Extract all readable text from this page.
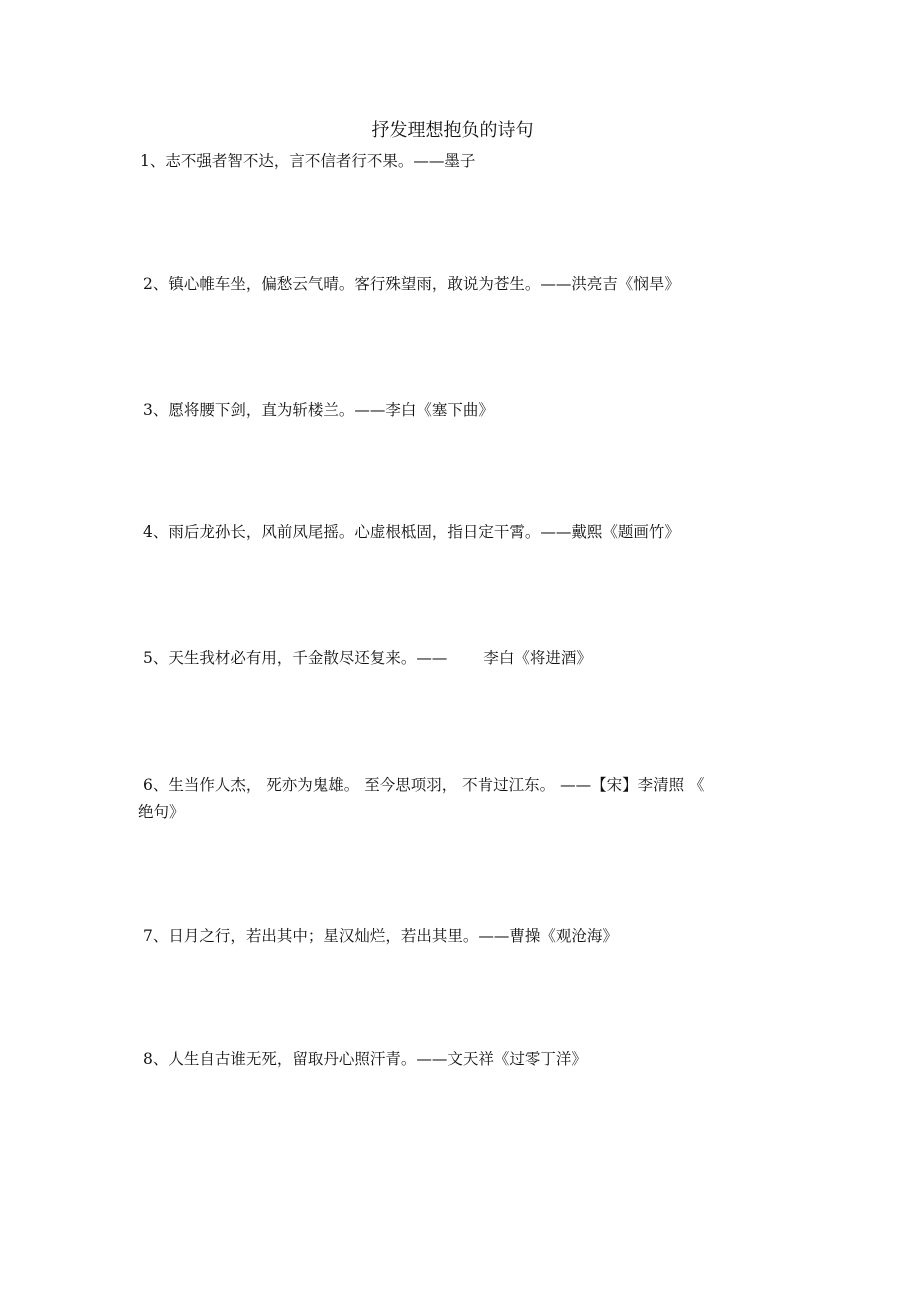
抒发理想抱负的诗句
1、志不强者智不达，言不信者行不果。——墨子
2、镇心帷车坐，偏愁云气晴。客行殊望雨，敢说为苍生。——洪亮吉《悯旱》
3、愿将腰下剑，直为斩楼兰。——李白《塞下曲》
4、雨后龙孙长，风前凤尾摇。心虚根柢固，指日定干霄。——戴熙《题画竹》
5、天生我材必有用，千金散尽还复来。—— 李白《将进酒》
6、生当作人杰， 死亦为鬼雄。 至今思项羽， 不肯过江东。 ——【宋】李清照 《
绝句》
7、日月之行，若出其中；星汉灿烂，若出其里。——曹操《观沧海》
8、人生自古谁无死，留取丹心照汗青。——文天祥《过零丁洋》
